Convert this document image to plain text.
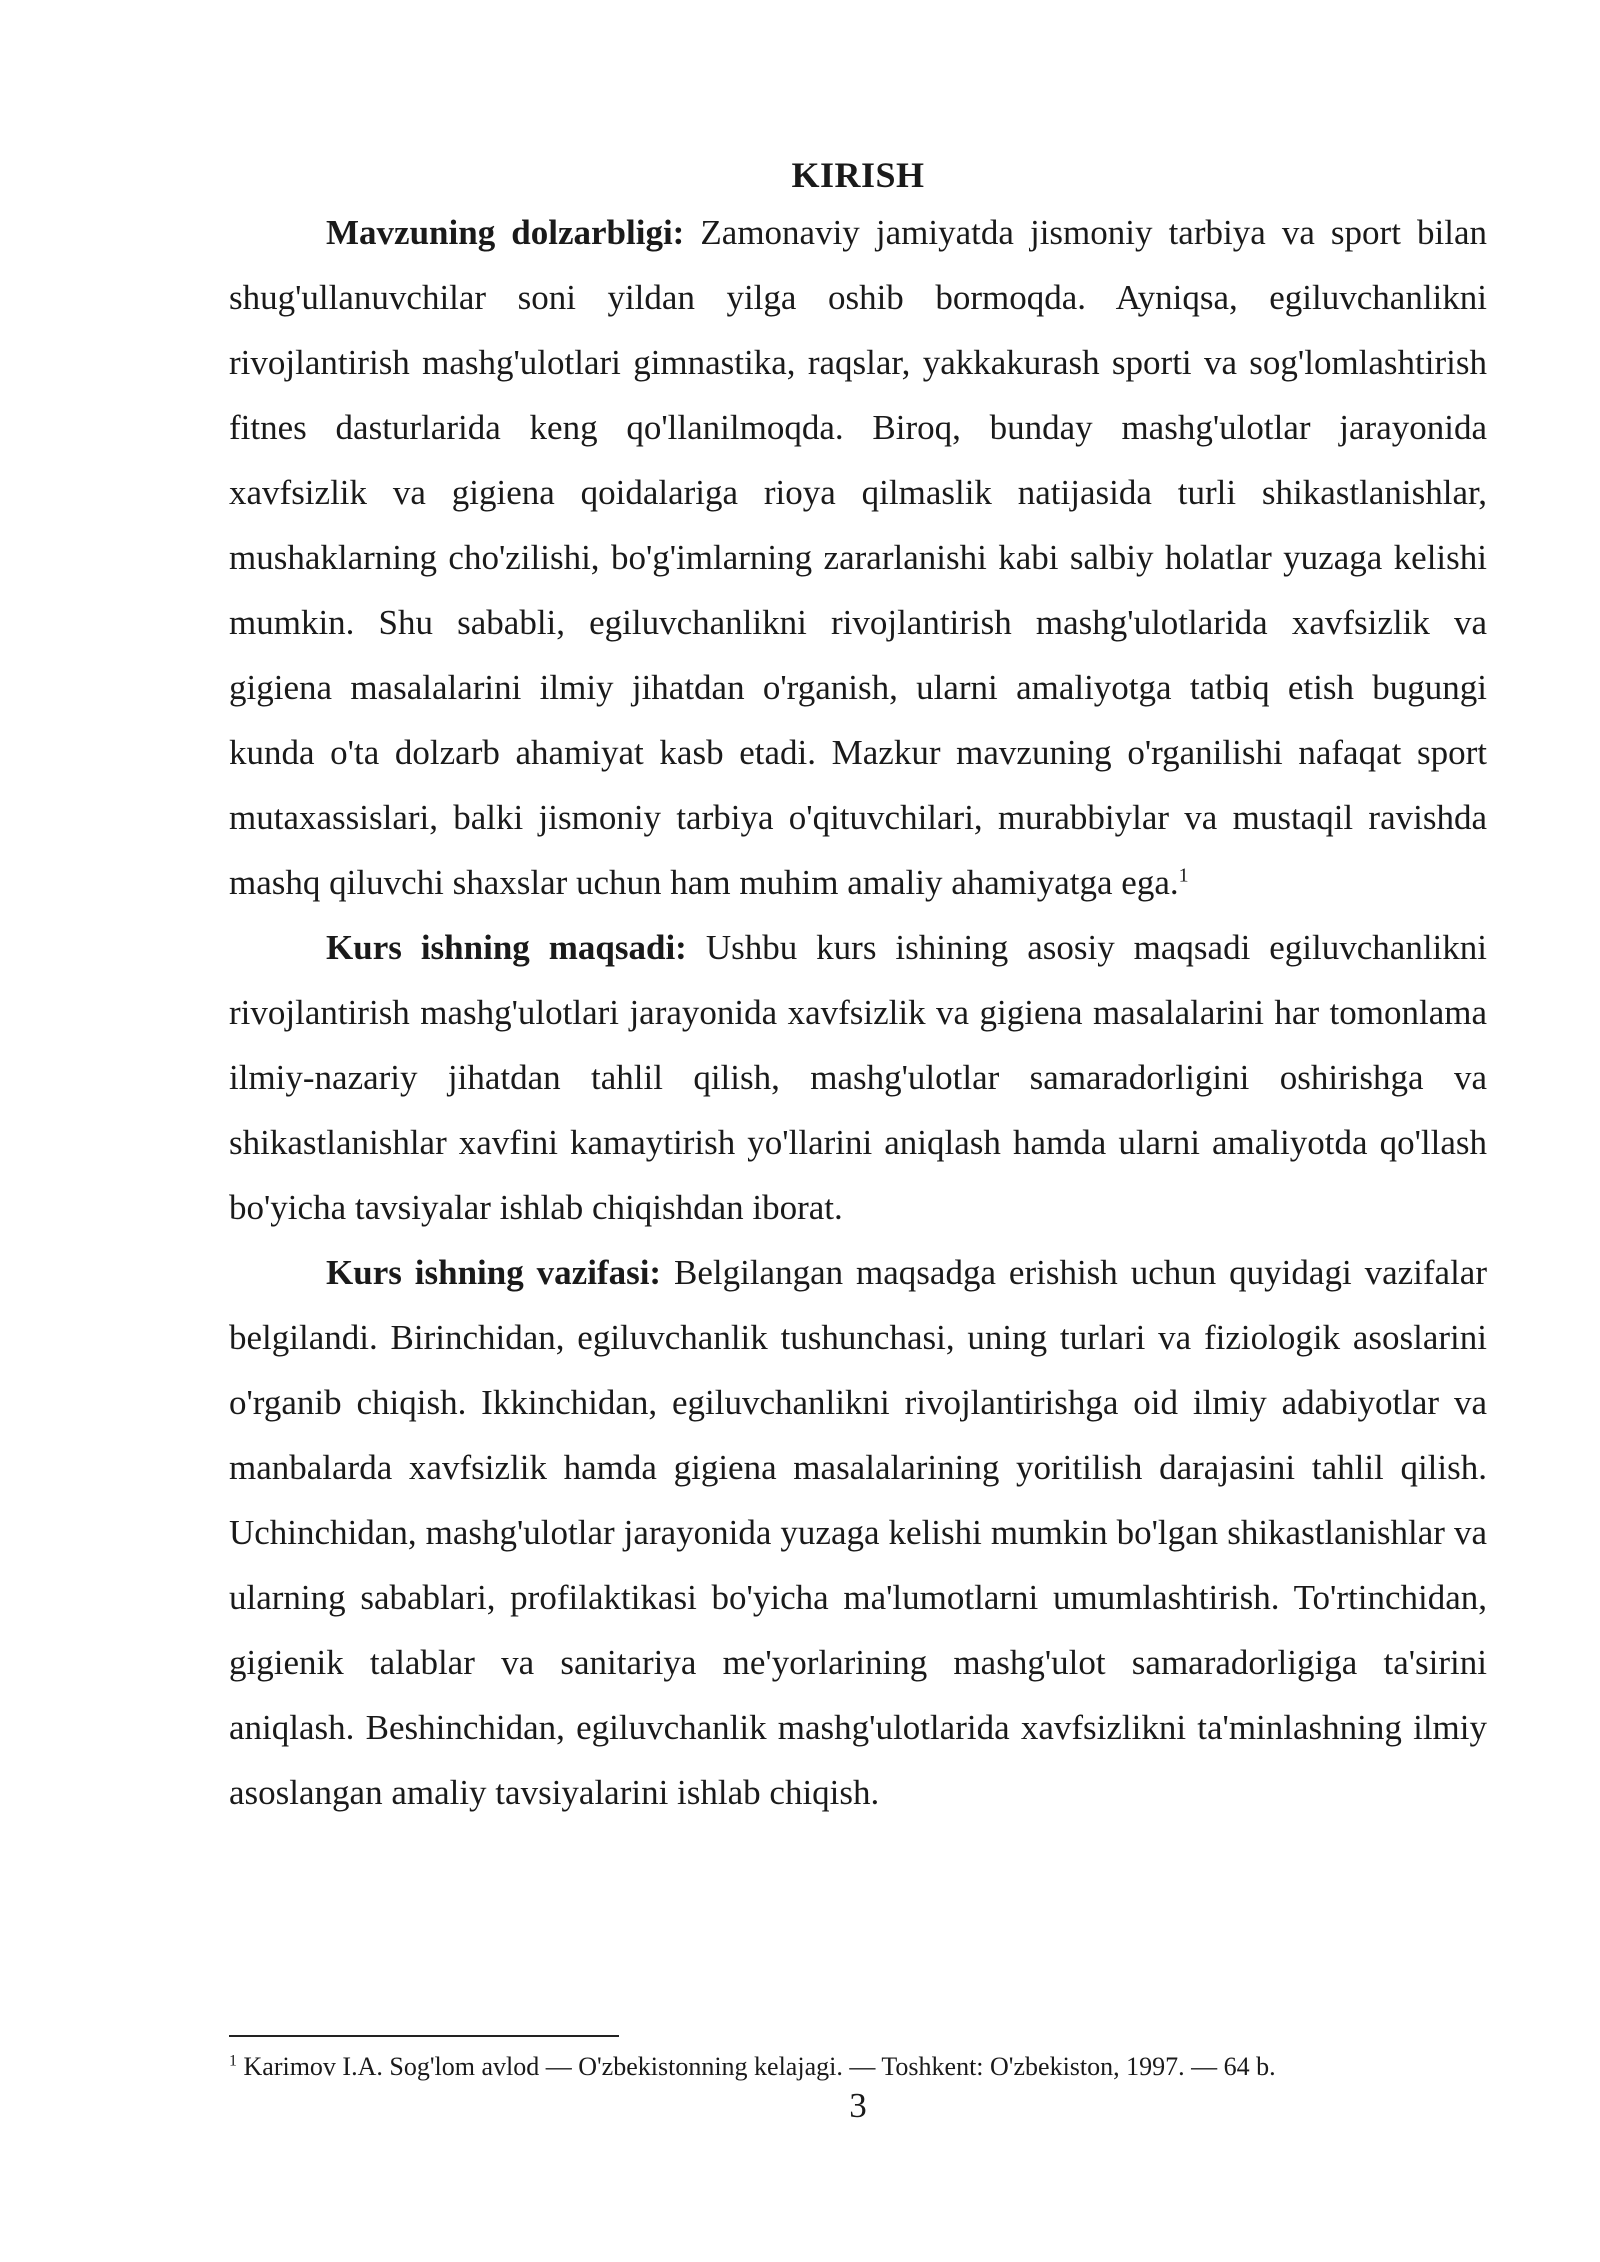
KIRISH

Mavzuning dolzarbligi: Zamonaviy jamiyatda jismoniy tarbiya va sport bilan shug'ullanuvchilar soni yildan yilga oshib bormoqda. Ayniqsa, egiluvchanlikni rivojlantirish mashg'ulotlari gimnastika, raqslar, yakkakurash sporti va sog'lomlashtirish fitnes dasturlarida keng qo'llanilmoqda. Biroq, bunday mashg'ulotlar jarayonida xavfsizlik va gigiena qoidalariga rioya qilmaslik natijasida turli shikastlanishlar, mushaklarning cho'zilishi, bo'g'imlarning zararlanishi kabi salbiy holatlar yuzaga kelishi mumkin. Shu sababli, egiluvchanlikni rivojlantirish mashg'ulotlarida xavfsizlik va gigiena masalalarini ilmiy jihatdan o'rganish, ularni amaliyotga tatbiq etish bugungi kunda o'ta dolzarb ahamiyat kasb etadi. Mazkur mavzuning o'rganilishi nafaqat sport mutaxassislari, balki jismoniy tarbiya o'qituvchilari, murabbiylar va mustaqil ravishda mashq qiluvchi shaxslar uchun ham muhim amaliy ahamiyatga ega.$^1$

Kurs ishning maqsadi: Ushbu kurs ishining asosiy maqsadi egiluvchanlikni rivojlantirish mashg'ulotlari jarayonida xavfsizlik va gigiena masalalarini har tomonlama ilmiy-nazariy jihatdan tahlil qilish, mashg'ulotlar samaradorligini oshirishga va shikastlanishlar xavfini kamaytirish yo'llarini aniqlash hamda ularni amaliyotda qo'llash bo'yicha tavsiyalar ishlab chiqishdan iborat.

Kurs ishning vazifasi: Belgilangan maqsadga erishish uchun quyidagi vazifalar belgilandi. Birinchidan, egiluvchanlik tushunchasi, uning turlari va fiziologik asoslarini o'rganib chiqish. Ikkinchidan, egiluvchanlikni rivojlantirishga oid ilmiy adabiyotlar va manbalarda xavfsizlik hamda gigiena masalalarining yoritilish darajasini tahlil qilish. Uchinchidan, mashg'ulotlar jarayonida yuzaga kelishi mumkin bo'lgan shikastlanishlar va ularning sabablari, profilaktikasi bo'yicha ma'lumotlarni umumlashtirish. To'rtinchidan, gigienik talablar va sanitariya me'yorlarining mashg'ulot samaradorligiga ta'sirini aniqlash. Beshinchidan, egiluvchanlik mashg'ulotlarida xavfsizlikni ta'minlashning ilmiy asoslangan amaliy tavsiyalarini ishlab chiqish.

$^1$ Karimov I.A. Sog'lom avlod — O'zbekistonning kelajagi. — Toshkent: O'zbekiston, 1997. — 64 b.

3
